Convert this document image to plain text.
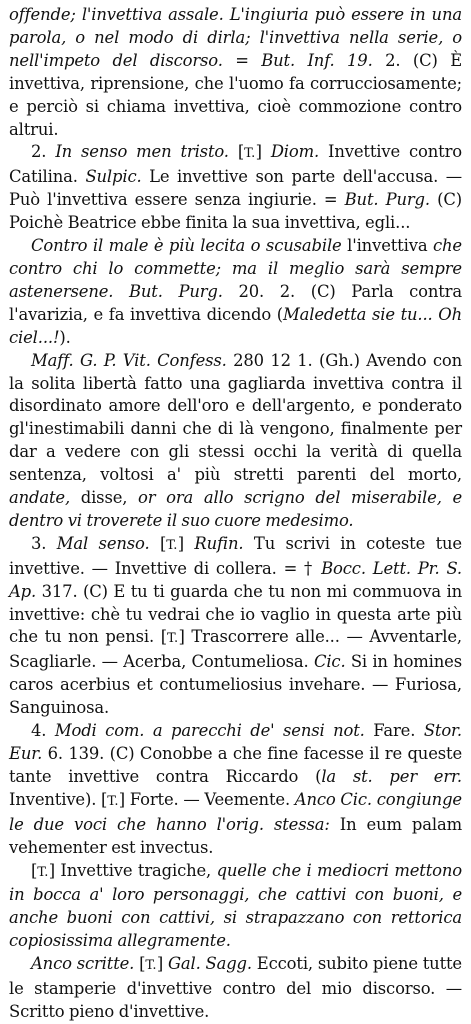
offende; l'invettiva assale. L'ingiuria può essere in una parola, o nel modo di dirla; l'invettiva nella serie, o nell'impeto del discorso. = But. Inf. 19. 2. (C) È invettiva, riprensione, che l'uomo fa corrucciosamente; e perciò si chiama invettiva, cioè commozione contro altrui.

2. In senso men tristo. [T.] Diom. Invettive contro Catilina. Sulpic. Le invettive son parte dell'accusa. — Può l'invettiva essere senza ingiurie. = But. Purg. (C) Poichè Beatrice ebbe finita la sua invettiva, egli...

Contro il male è più lecita o scusabile l'invettiva che contro chi lo commette; ma il meglio sarà sempre astenersene. But. Purg. 20. 2. (C) Parla contra l'avarizia, e fa invettiva dicendo (Maledetta sie tu... Oh ciel...!).

Maff. G. P. Vit. Confess. 280 12 1. (Gh.) Avendo con la solita libertà fatto una gagliarda invettiva contra il disordinato amore dell'oro e dell'argento, e ponderato gl'inestimabili danni che di là vengono, finalmente per dar a vedere con gli stessi occhi la verità di quella sentenza, voltosi a' più stretti parenti del morto, andate, disse, or ora allo scrigno del miserabile, e dentro vi troverete il suo cuore medesimo.

3. Mal senso. [T.] Rufin. Tu scrivi in coteste tue invettive. — Invettive di collera. = † Bocc. Lett. Pr. S. Ap. 317. (C) E tu ti guarda che tu non mi commuova in invettive: chè tu vedrai che io vaglio in questa arte più che tu non pensi. [T.] Trascorrere alle... — Avventarle, Scagliarle. — Acerba, Contumeliosa. Cic. Si in homines caros acerbius et contumeliosius invehare. — Furiosa, Sanguinosa.

4. Modi com. a parecchi de' sensi not. Fare. Stor. Eur. 6. 139. (C) Conobbe a che fine facesse il re queste tante invettive contra Riccardo (la st. per err. Inventive). [T.] Forte. — Veemente. Anco Cic. congiunge le due voci che hanno l'orig. stessa: In eum palam vehementer est invectus.

[T.] Invettive tragiche, quelle che i mediocri mettono in bocca a' loro personaggi, che cattivi con buoni, e anche buoni con cattivi, si strapazzano con rettorica copiosissima allegramente.

Anco scritte. [T.] Gal. Sagg. Eccoti, subito piene tutte le stamperie d'invettive contro del mio discorso. — Scritto pieno d'invettive.
